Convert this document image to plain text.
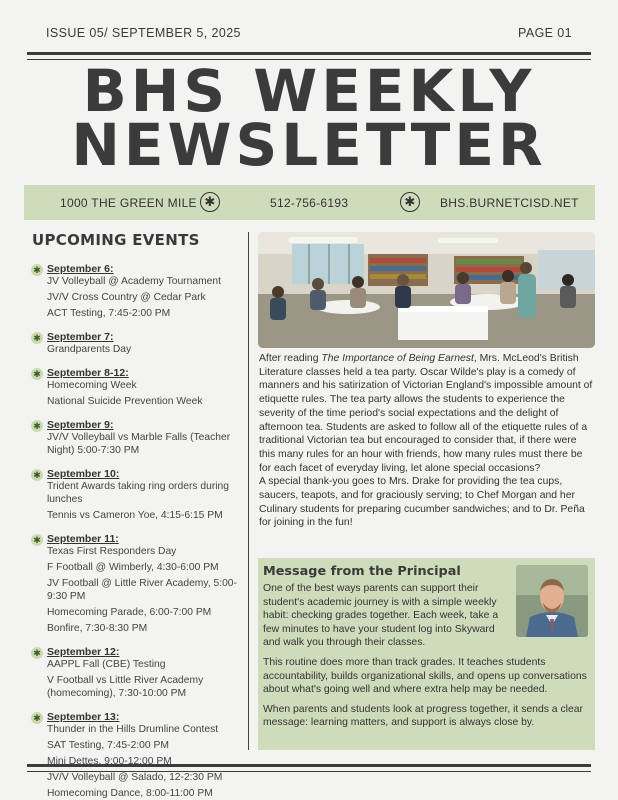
ISSUE 05/ SEPTEMBER 5, 2025	PAGE 01
BHS WEEKLY
NEWSLETTER
1000 THE GREEN MILE ✱	512-756-6193	✱	BHS.BURNETCISD.NET
UPCOMING EVENTS
✱ September 6:
JV Volleyball @ Academy Tournament
JV/V Cross Country @ Cedar Park
ACT Testing, 7:45-2:00 PM
✱ September 7:
Grandparents Day
✱ September 8-12:
Homecoming Week
National Suicide Prevention Week
✱ September 9:
JV/V Volleyball vs Marble Falls (Teacher Night) 5:00-7:30 PM
✱ September 10:
Trident Awards taking ring orders during lunches
Tennis vs Cameron Yoe, 4:15-6:15 PM
✱ September 11:
Texas First Responders Day
F Football @ Wimberly, 4:30-6:00 PM
JV Football @ Little River Academy, 5:00-9:30 PM
Homecoming Parade, 6:00-7:00 PM
Bonfire, 7:30-8:30 PM
✱ September 12:
AAPPL Fall (CBE) Testing
V Football vs Little River Academy (homecoming), 7:30-10:00 PM
✱ September 13:
Thunder in the Hills Drumline Contest
SAT Testing, 7:45-2:00 PM
Mini Dettes, 9:00-12:00 PM
JV/V Volleyball @ Salado, 12-2:30 PM
Homecoming Dance, 8:00-11:00 PM

After reading The Importance of Being Earnest, Mrs. McLeod's British Literature classes held a tea party. Oscar Wilde's play is a comedy of manners and his satirization of Victorian England's impossible amount of etiquette rules. The tea party allows the students to experience the severity of the time period's social expectations and the delight of afternoon tea. Students are asked to follow all of the etiquette rules of a traditional Victorian tea but encouraged to consider that, if there were this many rules for an hour with friends, how many rules must there be for each facet of everyday living, let alone special occasions?

A special thank-you goes to Mrs. Drake for providing the tea cups, saucers, teapots, and for graciously serving; to Chef Morgan and her Culinary students for preparing cucumber sandwiches; and to Dr. Peña for joining in the fun!

Message from the Principal

One of the best ways parents can support their student's academic journey is with a simple weekly habit: checking grades together. Each week, take a few minutes to have your student log into Skyward and walk you through their classes.

This routine does more than track grades. It teaches students accountability, builds organizational skills, and opens up conversations about what's going well and where extra help may be needed.

When parents and students look at progress together, it sends a clear message: learning matters, and support is always close by.
